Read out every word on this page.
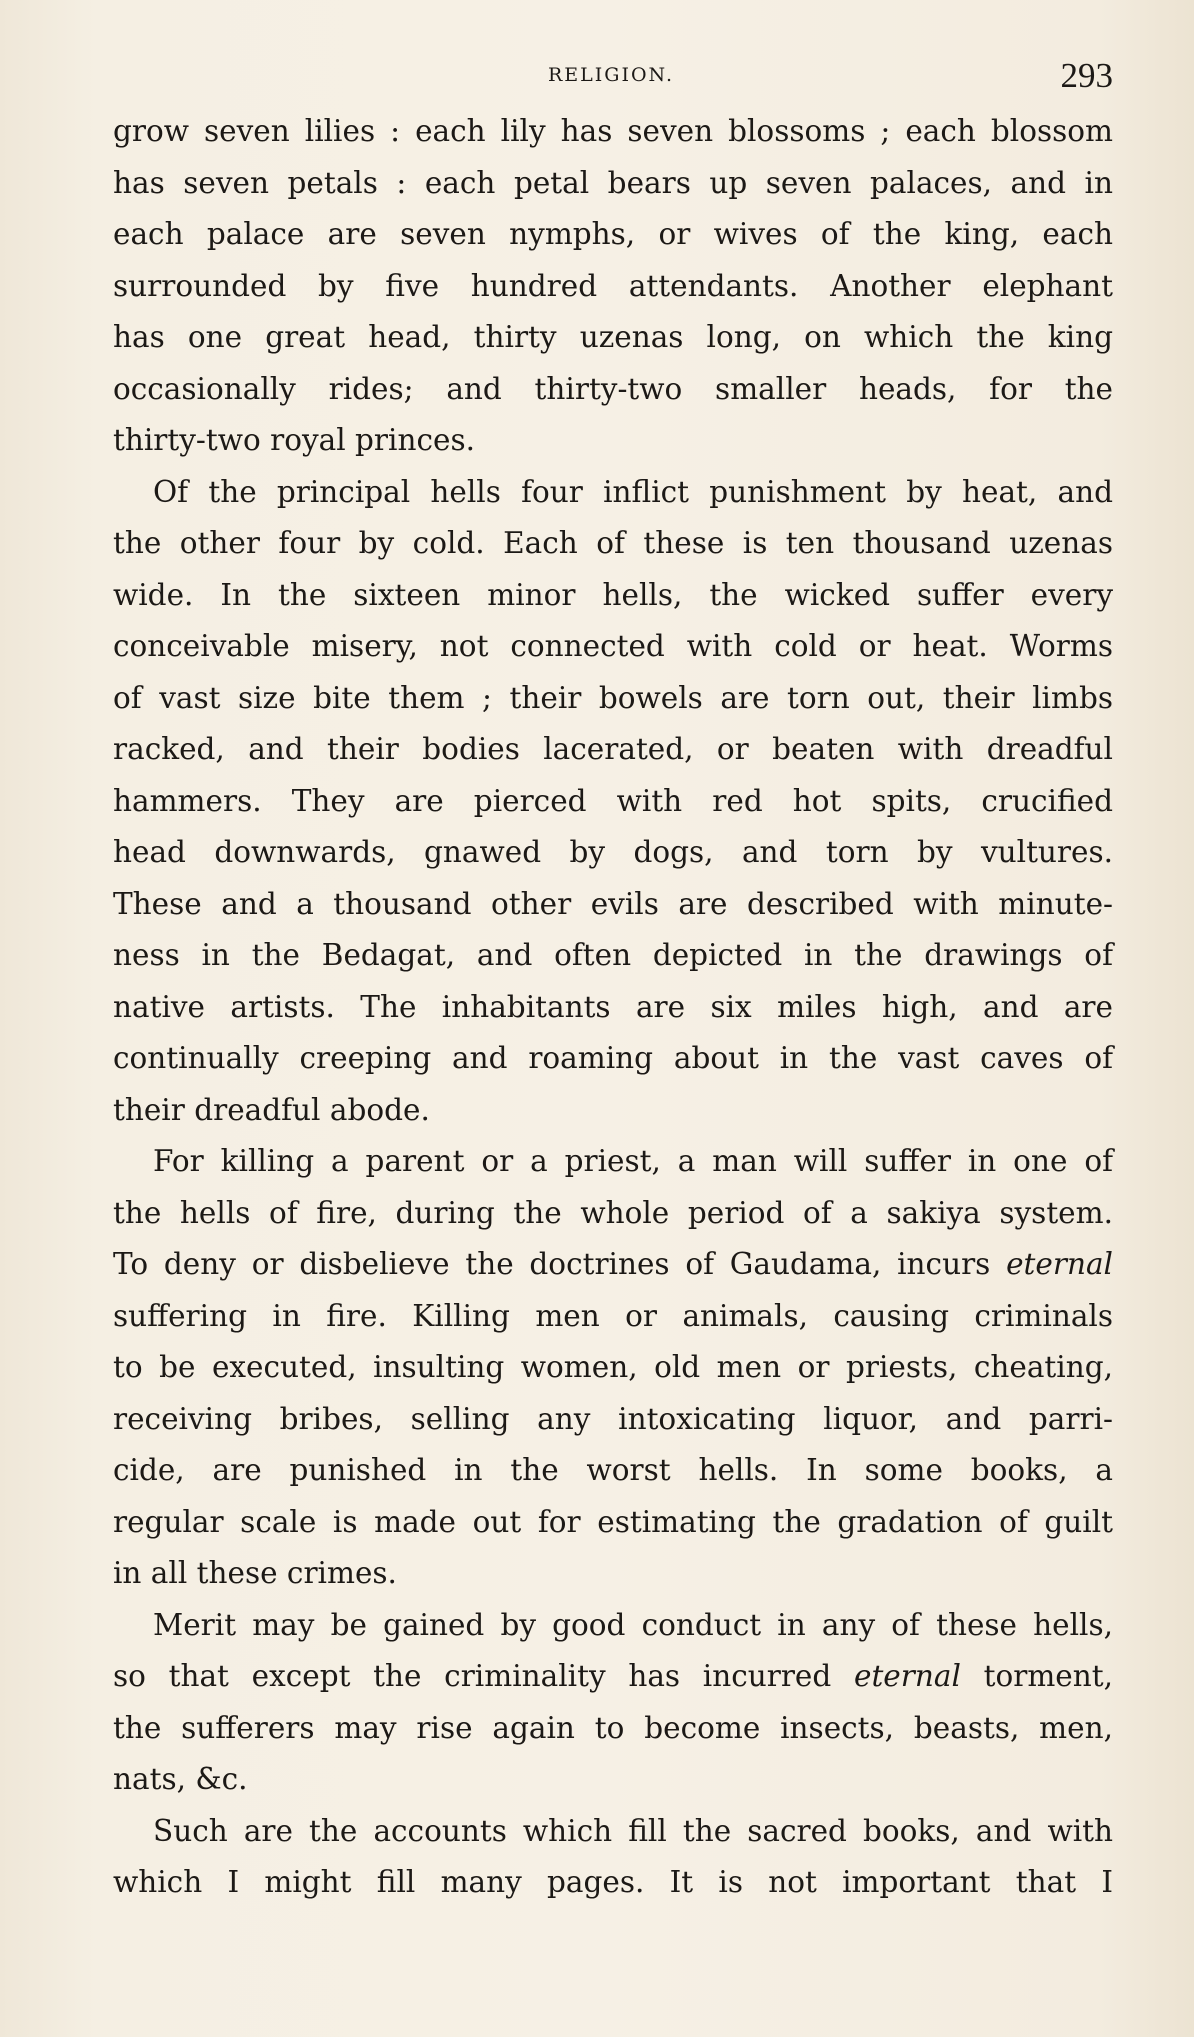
RELIGION.	293
grow seven lilies : each lily has seven blossoms ; each blossom
has seven petals : each petal bears up seven palaces, and in
each palace are seven nymphs, or wives of the king, each
surrounded by five hundred attendants. Another elephant
has one great head, thirty uzenas long, on which the king
occasionally rides; and thirty-two smaller heads, for the
thirty-two royal princes.
Of the principal hells four inflict punishment by heat, and
the other four by cold. Each of these is ten thousand uzenas
wide. In the sixteen minor hells, the wicked suffer every
conceivable misery, not connected with cold or heat. Worms
of vast size bite them ; their bowels are torn out, their limbs
racked, and their bodies lacerated, or beaten with dreadful
hammers. They are pierced with red hot spits, crucified
head downwards, gnawed by dogs, and torn by vultures.
These and a thousand other evils are described with minute-
ness in the Bedagat, and often depicted in the drawings of
native artists. The inhabitants are six miles high, and are
continually creeping and roaming about in the vast caves of
their dreadful abode.
For killing a parent or a priest, a man will suffer in one of
the hells of fire, during the whole period of a sakiya system.
To deny or disbelieve the doctrines of Gaudama, incurs eternal
suffering in fire. Killing men or animals, causing criminals
to be executed, insulting women, old men or priests, cheating,
receiving bribes, selling any intoxicating liquor, and parri-
cide, are punished in the worst hells. In some books, a
regular scale is made out for estimating the gradation of guilt
in all these crimes.
Merit may be gained by good conduct in any of these hells,
so that except the criminality has incurred eternal torment,
the sufferers may rise again to become insects, beasts, men,
nats, &c.
Such are the accounts which fill the sacred books, and with
which I might fill many pages. It is not important that I
